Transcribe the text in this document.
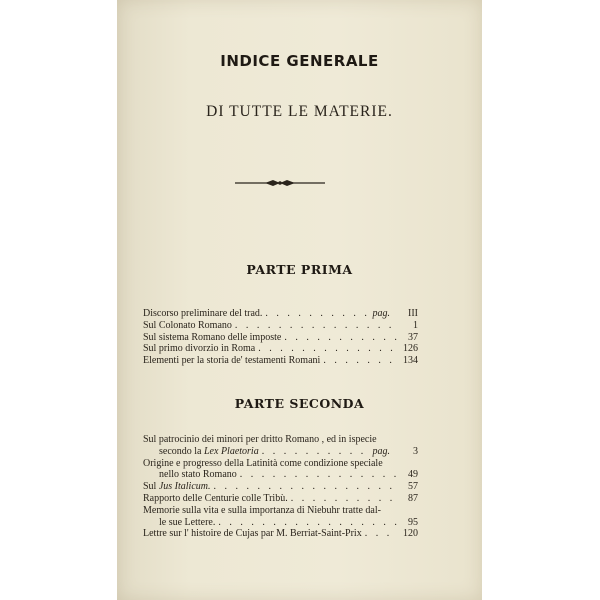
INDICE GENERALE
DI TUTTE LE MATERIE.
PARTE PRIMA
Discorso preliminare del trad. . . .	pag.	III
Sul Colonato Romano . . .	1
Sul sistema Romano delle imposte . . .	37
Sul primo divorzio in Roma . . .	126
Elementi per la storia de' testamenti Romani . . .	134
PARTE SECONDA
Sul patrocinio dei minori per dritto Romano , ed in ispecie
secondo la Lex Plaetoria . . .	pag.	3
Origine e progresso della Latinità come condizione speciale
nello stato Romano . . .	49
Sul Jus Italicum. . . .	57
Rapporto delle Centurie colle Tribù. . . .	87
Memorie sulla vita e sulla importanza di Niebuhr tratte dal-
le sue Lettere. . . .	95
Lettre sur l' histoire de Cujas par M. Berriat-Saint-Prix . . .	120
